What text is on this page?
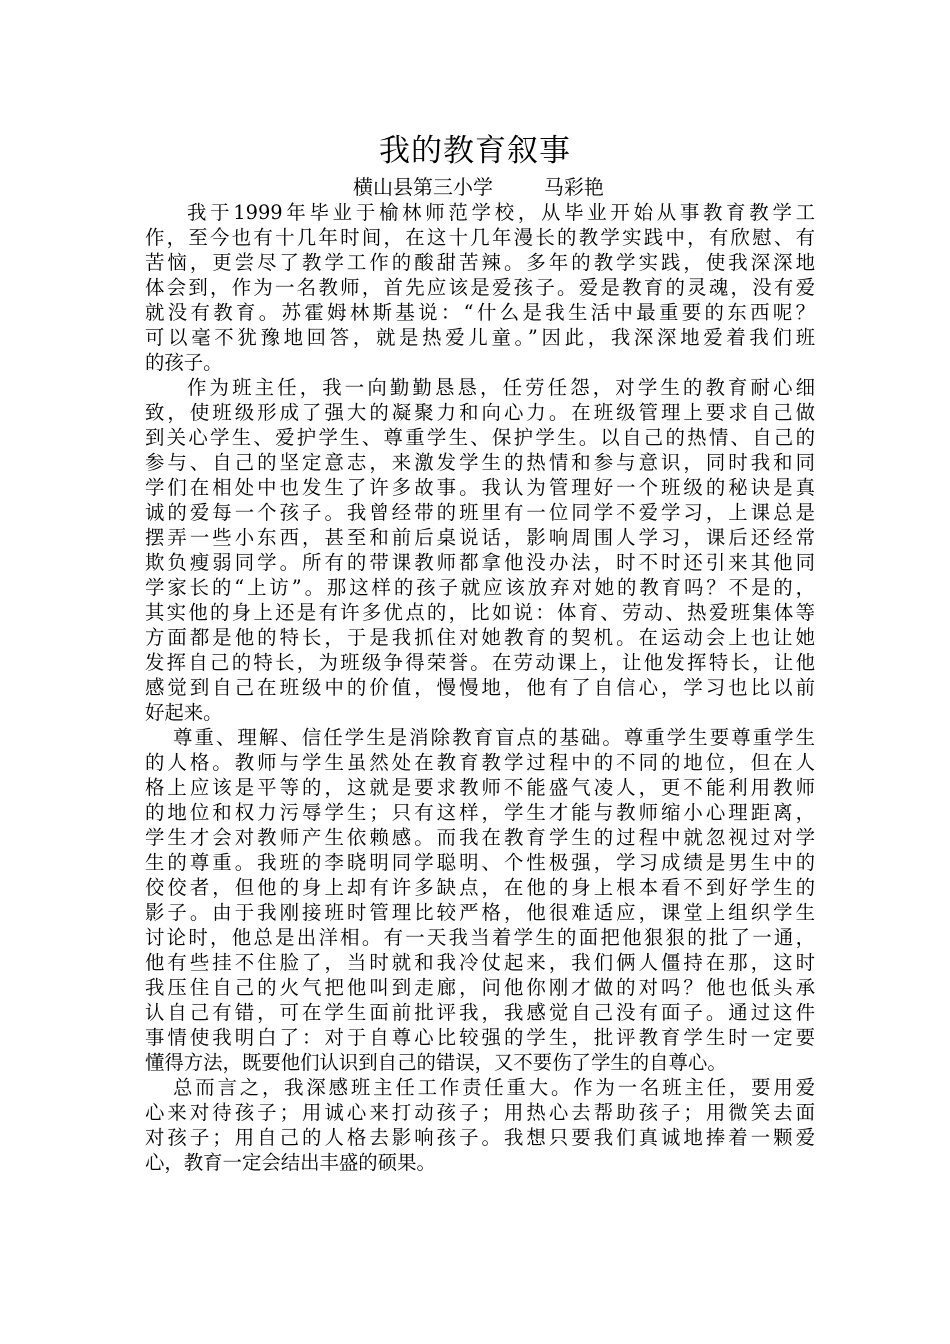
我的教育叙事
横山县第三小学        马彩艳
我于1999年毕业于榆林师范学校，从毕业开始从事教育教学工
作，至今也有十几年时间，在这十几年漫长的教学实践中，有欣慰、有
苦恼，更尝尽了教学工作的酸甜苦辣。多年的教学实践，使我深深地
体会到，作为一名教师，首先应该是爱孩子。爱是教育的灵魂，没有爱
就没有教育。苏霍姆林斯基说：“什么是我生活中最重要的东西呢？
可以毫不犹豫地回答，就是热爱儿童。”因此，我深深地爱着我们班
的孩子。
作为班主任，我一向勤勤恳恳，任劳任怨，对学生的教育耐心细
致，使班级形成了强大的凝聚力和向心力。在班级管理上要求自己做
到关心学生、爱护学生、尊重学生、保护学生。以自己的热情、自己的
参与、自己的坚定意志，来激发学生的热情和参与意识，同时我和同
学们在相处中也发生了许多故事。我认为管理好一个班级的秘诀是真
诚的爱每一个孩子。我曾经带的班里有一位同学不爱学习，上课总是
摆弄一些小东西，甚至和前后桌说话，影响周围人学习，课后还经常
欺负瘦弱同学。所有的带课教师都拿他没办法，时不时还引来其他同
学家长的“上访”。那这样的孩子就应该放弃对她的教育吗？不是的，
其实他的身上还是有许多优点的，比如说：体育、劳动、热爱班集体等
方面都是他的特长，于是我抓住对她教育的契机。在运动会上也让她
发挥自己的特长，为班级争得荣誉。在劳动课上，让他发挥特长，让他
感觉到自己在班级中的价值，慢慢地，他有了自信心，学习也比以前
好起来。
尊重、理解、信任学生是消除教育盲点的基础。尊重学生要尊重学生
的人格。教师与学生虽然处在教育教学过程中的不同的地位，但在人
格上应该是平等的，这就是要求教师不能盛气凌人，更不能利用教师
的地位和权力污辱学生；只有这样，学生才能与教师缩小心理距离，
学生才会对教师产生依赖感。而我在教育学生的过程中就忽视过对学
生的尊重。我班的李晓明同学聪明、个性极强，学习成绩是男生中的
佼佼者，但他的身上却有许多缺点，在他的身上根本看不到好学生的
影子。由于我刚接班时管理比较严格，他很难适应，课堂上组织学生
讨论时，他总是出洋相。有一天我当着学生的面把他狠狠的批了一通，
他有些挂不住脸了，当时就和我冷仗起来，我们俩人僵持在那，这时
我压住自己的火气把他叫到走廊，问他你刚才做的对吗？他也低头承
认自己有错，可在学生面前批评我，我感觉自己没有面子。通过这件
事情使我明白了：对于自尊心比较强的学生，批评教育学生时一定要
懂得方法，既要他们认识到自己的错误，又不要伤了学生的自尊心。
总而言之，我深感班主任工作责任重大。作为一名班主任，要用爱
心来对待孩子；用诚心来打动孩子；用热心去帮助孩子；用微笑去面
对孩子；用自己的人格去影响孩子。我想只要我们真诚地捧着一颗爱
心，教育一定会结出丰盛的硕果。
